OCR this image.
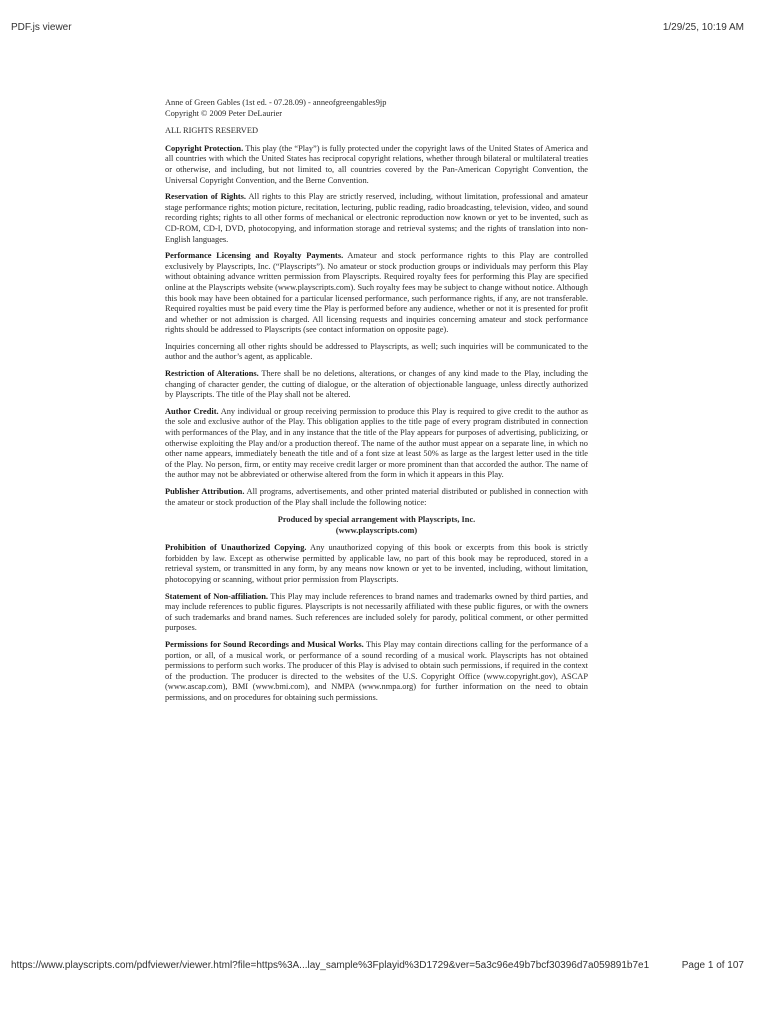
PDF.js viewer	1/29/25, 10:19 AM
Anne of Green Gables (1st ed. - 07.28.09) - anneofgreengables9jp
Copyright © 2009 Peter DeLaurier
ALL RIGHTS RESERVED
Copyright Protection. This play (the “Play”) is fully protected under the copyright laws of the United States of America and all countries with which the United States has reciprocal copyright relations, whether through bilateral or multilateral treaties or otherwise, and including, but not limited to, all countries covered by the Pan-American Copyright Convention, the Universal Copyright Convention, and the Berne Convention.
Reservation of Rights. All rights to this Play are strictly reserved, including, without limitation, professional and amateur stage performance rights; motion picture, recitation, lecturing, public reading, radio broadcasting, television, video, and sound recording rights; rights to all other forms of mechanical or electronic reproduction now known or yet to be invented, such as CD-ROM, CD-I, DVD, photocopying, and information storage and retrieval systems; and the rights of translation into non-English languages.
Performance Licensing and Royalty Payments. Amateur and stock performance rights to this Play are controlled exclusively by Playscripts, Inc. (“Playscripts”). No amateur or stock production groups or individuals may perform this Play without obtaining advance written permission from Playscripts. Required royalty fees for performing this Play are specified online at the Playscripts website (www.playscripts.com). Such royalty fees may be subject to change without notice. Although this book may have been obtained for a particular licensed performance, such performance rights, if any, are not transferable. Required royalties must be paid every time the Play is performed before any audience, whether or not it is presented for profit and whether or not admission is charged. All licensing requests and inquiries concerning amateur and stock performance rights should be addressed to Playscripts (see contact information on opposite page).
Inquiries concerning all other rights should be addressed to Playscripts, as well; such inquiries will be communicated to the author and the author’s agent, as applicable.
Restriction of Alterations. There shall be no deletions, alterations, or changes of any kind made to the Play, including the changing of character gender, the cutting of dialogue, or the alteration of objectionable language, unless directly authorized by Playscripts. The title of the Play shall not be altered.
Author Credit. Any individual or group receiving permission to produce this Play is required to give credit to the author as the sole and exclusive author of the Play. This obligation applies to the title page of every program distributed in connection with performances of the Play, and in any instance that the title of the Play appears for purposes of advertising, publicizing, or otherwise exploiting the Play and/or a production thereof. The name of the author must appear on a separate line, in which no other name appears, immediately beneath the title and of a font size at least 50% as large as the largest letter used in the title of the Play. No person, firm, or entity may receive credit larger or more prominent than that accorded the author. The name of the author may not be abbreviated or otherwise altered from the form in which it appears in this Play.
Publisher Attribution. All programs, advertisements, and other printed material distributed or published in connection with the amateur or stock production of the Play shall include the following notice:
Produced by special arrangement with Playscripts, Inc.
(www.playscripts.com)
Prohibition of Unauthorized Copying. Any unauthorized copying of this book or excerpts from this book is strictly forbidden by law. Except as otherwise permitted by applicable law, no part of this book may be reproduced, stored in a retrieval system, or transmitted in any form, by any means now known or yet to be invented, including, without limitation, photocopying or scanning, without prior permission from Playscripts.
Statement of Non-affiliation. This Play may include references to brand names and trademarks owned by third parties, and may include references to public figures. Playscripts is not necessarily affiliated with these public figures, or with the owners of such trademarks and brand names. Such references are included solely for parody, political comment, or other permitted purposes.
Permissions for Sound Recordings and Musical Works. This Play may contain directions calling for the performance of a portion, or all, of a musical work, or performance of a sound recording of a musical work. Playscripts has not obtained permissions to perform such works. The producer of this Play is advised to obtain such permissions, if required in the context of the production. The producer is directed to the websites of the U.S. Copyright Office (www.copyright.gov), ASCAP (www.ascap.com), BMI (www.bmi.com), and NMPA (www.nmpa.org) for further information on the need to obtain permissions, and on procedures for obtaining such permissions.
https://www.playscripts.com/pdfviewer/viewer.html?file=https%3A...lay_sample%3Fplayid%3D1729&ver=5a3c96e49b7bcf30396d7a059891b7e1	Page 1 of 107
